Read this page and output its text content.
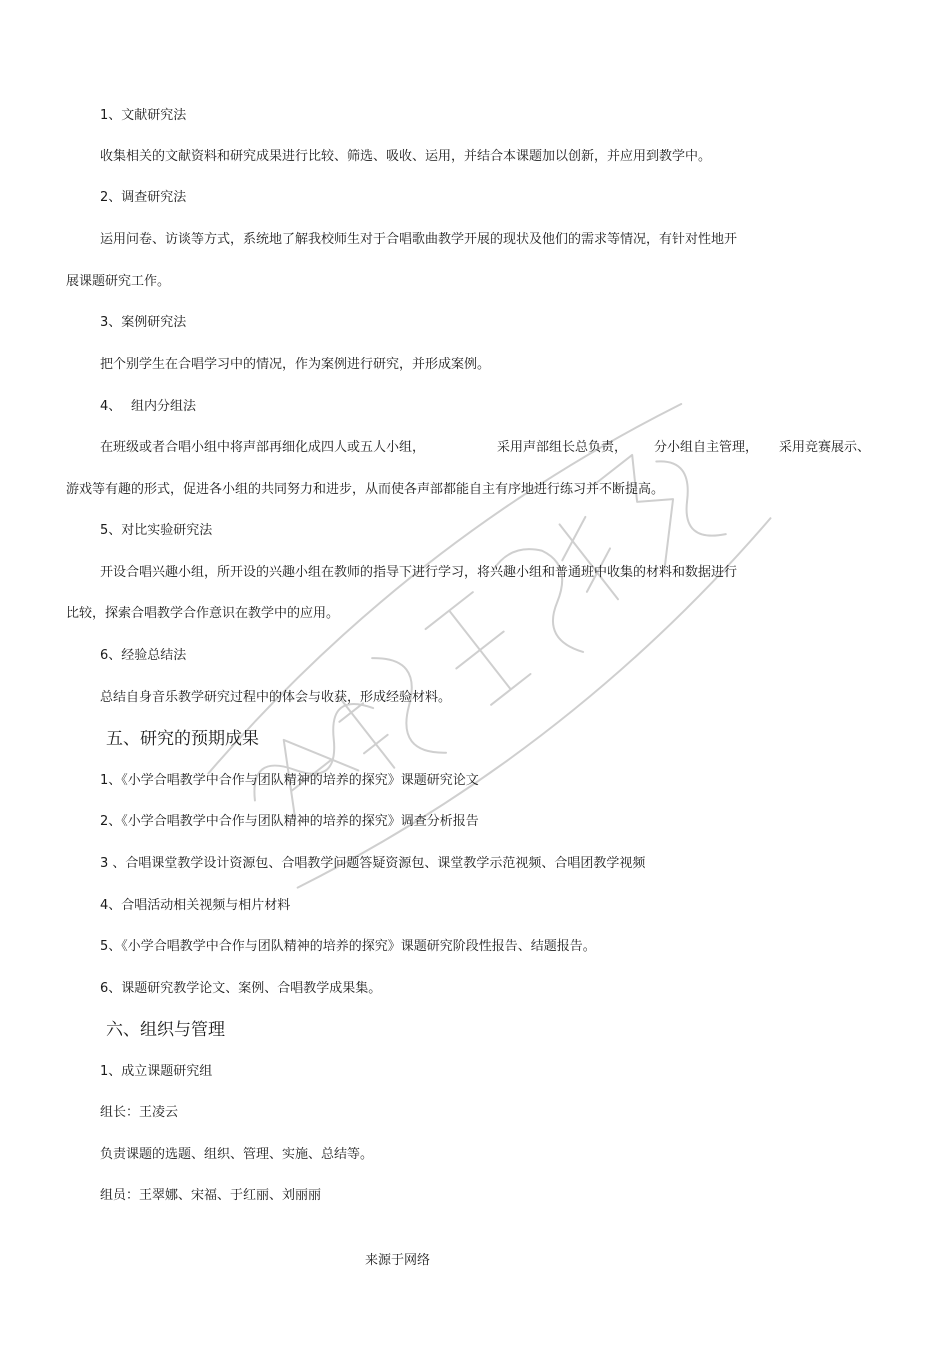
1、文献研究法
收集相关的文献资料和研究成果进行比较、筛选、吸收、运用，并结合本课题加以创新，并应用到教学中。
2、调查研究法
运用问卷、访谈等方式，系统地了解我校师生对于合唱歌曲教学开展的现状及他们的需求等情况，有针对性地开
展课题研究工作。
3、案例研究法
把个别学生在合唱学习中的情况，作为案例进行研究，并形成案例。
4、 组内分组法
在班级或者合唱小组中将声部再细化成四人或五人小组，	采用声部组长总负责， 分小组自主管理， 采用竞赛展示、
游戏等有趣的形式，促进各小组的共同努力和进步，从而使各声部都能自主有序地进行练习并不断提高。
5、对比实验研究法
开设合唱兴趣小组，所开设的兴趣小组在教师的指导下进行学习，将兴趣小组和普通班中收集的材料和数据进行
比较，探索合唱教学合作意识在教学中的应用。
6、经验总结法
总结自身音乐教学研究过程中的体会与收获，形成经验材料。
五、研究的预期成果
1、《小学合唱教学中合作与团队精神的培养的探究》课题研究论文
2、《小学合唱教学中合作与团队精神的培养的探究》调查分析报告
3 、合唱课堂教学设计资源包、合唱教学问题答疑资源包、课堂教学示范视频、合唱团教学视频
4、合唱活动相关视频与相片材料
5、《小学合唱教学中合作与团队精神的培养的探究》课题研究阶段性报告、结题报告。
6、课题研究教学论文、案例、合唱教学成果集。
六、组织与管理
1、成立课题研究组
组长：王凌云
负责课题的选题、组织、管理、实施、总结等。
组员：王翠娜、宋福、于红丽、刘丽丽
来源于网络
